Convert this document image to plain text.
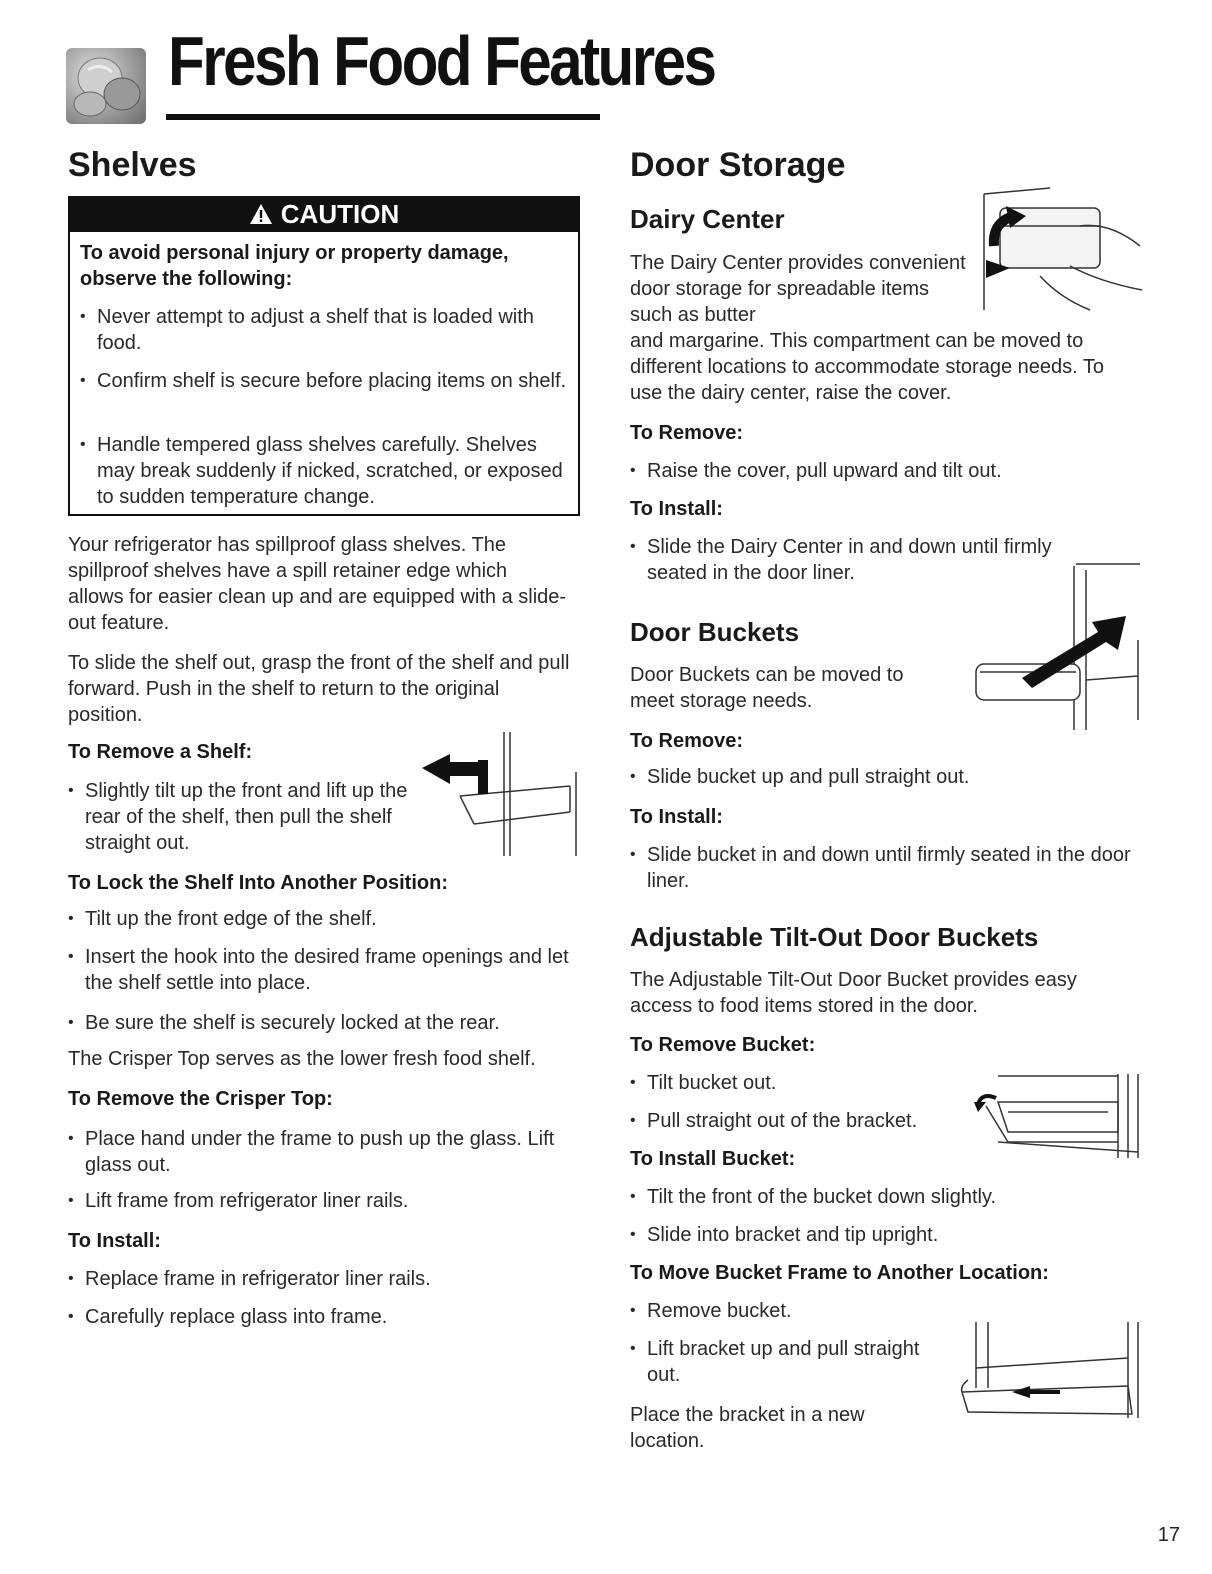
Fresh Food Features
Shelves
CAUTION

To avoid personal injury or property damage, observe the following:

• Never attempt to adjust a shelf that is loaded with food.

• Confirm shelf is secure before placing items on shelf.

• Handle tempered glass shelves carefully. Shelves may break suddenly if nicked, scratched, or exposed to sudden temperature change.

Your refrigerator has spillproof glass shelves. The spillproof shelves have a spill retainer edge which allows for easier clean up and are equipped with a slide-out feature.

To slide the shelf out, grasp the front of the shelf and pull forward. Push in the shelf to return to the original position.

To Remove a Shelf:

• Slightly tilt up the front and lift up the rear of the shelf, then pull the shelf straight out.

To Lock the Shelf Into Another Position:

• Tilt up the front edge of the shelf.

• Insert the hook into the desired frame openings and let the shelf settle into place.

• Be sure the shelf is securely locked at the rear.

The Crisper Top serves as the lower fresh food shelf.

To Remove the Crisper Top:

• Place hand under the frame to push up the glass. Lift glass out.

• Lift frame from refrigerator liner rails.

To Install:

• Replace frame in refrigerator liner rails.

• Carefully replace glass into frame.

Door Storage
Dairy Center

The Dairy Center provides convenient door storage for spreadable items such as butter

and margarine. This compartment can be moved to different locations to accommodate storage needs. To use the dairy center, raise the cover.

To Remove:

• Raise the cover, pull upward and tilt out.

To Install:

• Slide the Dairy Center in and down until firmly seated in the door liner.

Door Buckets

Door Buckets can be moved to meet storage needs.

To Remove:

• Slide bucket up and pull straight out.

To Install:

• Slide bucket in and down until firmly seated in the door liner.

Adjustable Tilt-Out Door Buckets

The Adjustable Tilt-Out Door Bucket provides easy access to food items stored in the door.

To Remove Bucket:

• Tilt bucket out.

• Pull straight out of the bracket.

To Install Bucket:

• Tilt the front of the bucket down slightly.

• Slide into bracket and tip upright.

To Move Bucket Frame to Another Location:

• Remove bucket.

• Lift bracket up and pull straight out.

Place the bracket in a new location.

17
